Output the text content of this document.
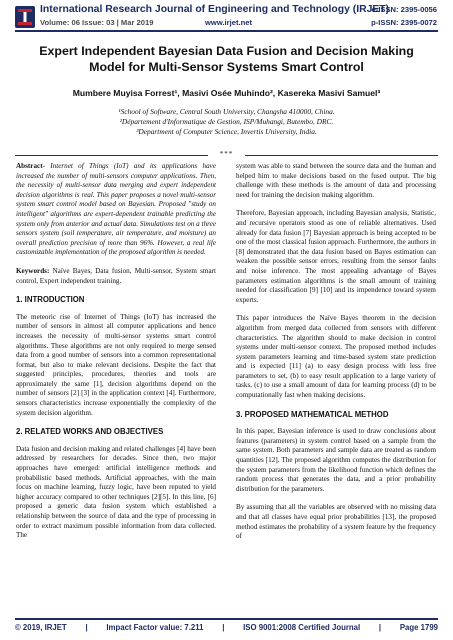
International Research Journal of Engineering and Technology (IRJET)
Volume: 06 Issue: 03 | Mar 2019	www.irjet.net
e-ISSN: 2395-0056
p-ISSN: 2395-0072
Expert Independent Bayesian Data Fusion and Decision Making Model for Multi-Sensor Systems Smart Control
Mumbere Muyisa Forrest¹, Masivi Osée Muhindo², Kasereka Masivi Samuel³
¹School of Software, Central South University, Changsha 410000, China.
²Département d'Informatique de Gestion, ISP/Muhangi, Butembo, DRC.
³Department of Computer Science, Invertis University, India.
***

Abstract- Internet of Things (IoT) and its applications have increased the number of multi-sensors computer applications. Then, the necessity of multi-sensor data merging and expert independent decision algorithms is real. This paper proposes a novel multi-sensor system smart control model based on Bayesian. Proposed "study on intelligent" algorithms are expert-dependent trainable predicting the system only from anterior and actual data. Simulations test on a three sensors system (soil temperature, air temperature, and moisture) an overall prediction precision of more than 96%. However, a real life customizable implementation of the proposed algorithm is needed.

Keywords: Naïve Bayes, Data fusion, Multi-sensor, System smart control, Expert independent training.

1. INTRODUCTION

The meteoric rise of Internet of Things (IoT) has increased the number of sensors in almost all computer applications and hence increases the necessity of multi-sensor systems smart control algorithms. These algorithms are not only required to merge sensed data from a good number of sensors into a common representational format, but also to make relevant decisions. Despite the fact that suggested principles, procedures, theories and tools are approximately the same [1], decision algorithms depend on the number of sensors [2] [3] in the application context [4]. Furthermore, sensors characteristics increase exponentially the complexity of the system decision algorithm.

2. RELATED WORKS AND OBJECTIVES

Data fusion and decision making and related challenges [4] have been addressed by researchers for decades. Since then, two major approaches have emerged: artificial intelligence methods and probabilistic based methods. Artificial approaches, with the main focus on machine learning, fuzzy logic, have been reputed to yield higher accuracy compared to other techniques [2][5]. In this line, [6] proposed a generic data fusion system which established a relationship between the source of data and the type of processing in order to extract maximum possible information from data collected. The

system was able to stand between the source data and the human and helped him to make decisions based on the fused output. The big challenge with these methods is the amount of data and processing need for training the decision making algorithm.

Therefore, Bayesian approach, including Bayesian analysis, Statistic, and recursive operators stood as one of reliable alternatives. Used already for data fusion [7] Bayesian approach is being accepted to be one of the most classical fusion approach. Furthermore, the authors in [8] demonstrated that the data fusion based on Bayes estimation can weaken the possible sensor errors, resulting from the sensor faults and noise inference. The most appealing advantage of Bayes parameters estimation algorithms is the small amount of training needed for classification [9] [10] and its impendence toward system experts.

This paper introduces the Naïve Bayes theorem in the decision algorithm from merged data collected from sensors with different characteristics. The algorithm should to make decision in control systems under multi-sensor context. The proposed method includes system parameters learning and time-based system state prediction and is expected [11] (a) to easy design process with less free parameters to set, (b) to easy result application to a large variety of tasks, (c) to use a small amount of data for learning process (d) to be computationally fast when making decisions.

3. PROPOSED MATHEMATICAL METHOD

In this paper, Bayesian inference is used to draw conclusions about features (parameters) in system control based on a sample from the same system. Both parameters and sample data are treated as random quantities [12]. The proposed algorithm computes the distribution for the system parameters from the likelihood function which defines the random process that generates the data, and a prior probability distribution for the parameters.

By assuming that all the variables are observed with no missing data and that all classes have equal prior probabilities [13], the proposed method estimates the probability of a system feature by the frequency of

© 2019, IRJET | Impact Factor value: 7.211 | ISO 9001:2008 Certified Journal | Page 1799
